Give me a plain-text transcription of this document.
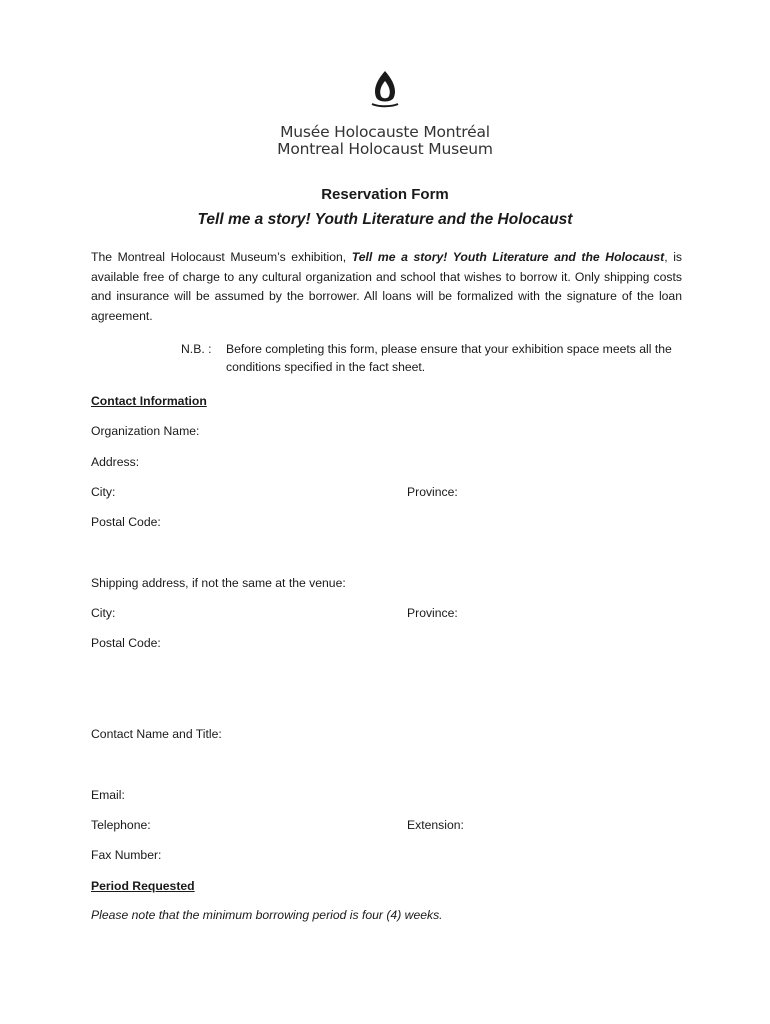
Musée Holocauste Montréal
Montreal Holocaust Museum
Reservation Form
Tell me a story! Youth Literature and the Holocaust

The Montreal Holocaust Museum’s exhibition, Tell me a story! Youth Literature and the Holocaust, is available free of charge to any cultural organization and school that wishes to borrow it. Only shipping costs and insurance will be assumed by the borrower. All loans will be formalized with the signature of the loan agreement.

N.B. : Before completing this form, please ensure that your exhibition space meets all the conditions specified in the fact sheet.
Contact Information
Organization Name:
Address:
City:	Province:
Postal Code:
Shipping address, if not the same at the venue:
City:	Province:
Postal Code:
Contact Name and Title:
Email:
Telephone:	Extension:
Fax Number:
Period Requested

Please note that the minimum borrowing period is four (4) weeks.
